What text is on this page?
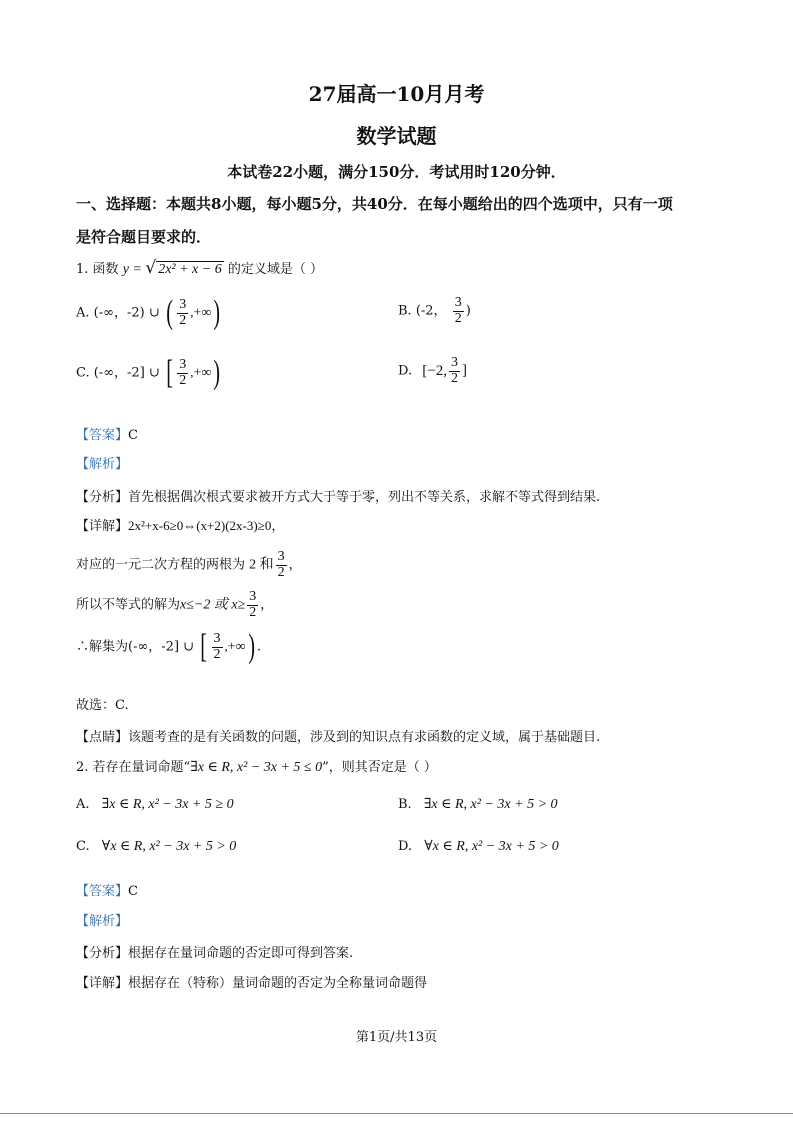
27届高一10月月考
数学试题
本试卷22小题，满分150分．考试用时120分钟．
一、选择题：本题共8小题，每小题5分，共40分．在每小题给出的四个选项中，只有一项
是符合题目要求的．
1. 函数 y = √ 2x² + x − 6 的定义域是（ ）
A. (-∞，-2) ∪ ( $\frac{3}{2}$ ,+∞)	B. (-2， $\frac{3}{2}$ )
C. (-∞，-2] ∪ [ $\frac{3}{2}$ ,+∞)	D. [−2, $\frac{3}{2}$ ]
【答案】C
【解析】
【分析】首先根据偶次根式要求被开方式大于等于零，列出不等关系，求解不等式得到结果.
【详解】2x²+x-6≥0⇔(x+2)(2x-3)≥0，
对应的一元二次方程的两根为 2 和 $\frac{3}{2}$ ，
所以不等式的解为x≤−2 或 $x\ge \frac{3}{2}$ ，
∴解集为(-∞，-2] ∪ [ $\frac{3}{2}$ ,+∞) .
故选：C.
【点睛】该题考查的是有关函数的问题，涉及到的知识点有求函数的定义域，属于基础题目.
2. 若存在量词命题“∃x ∈ R, x² − 3x + 5 ≤ 0”，则其否定是（ ）
A. ∃x ∈ R, x² − 3x + 5 ≥ 0	B. ∃x ∈ R, x² − 3x + 5 > 0
C. ∀x ∈ R, x² − 3x + 5 > 0	D. ∀x ∈ R, x² − 3x + 5 > 0
【答案】C
【解析】
【分析】根据存在量词命题的否定即可得到答案.
【详解】根据存在（特称）量词命题的否定为全称量词命题得
第1页/共13页
